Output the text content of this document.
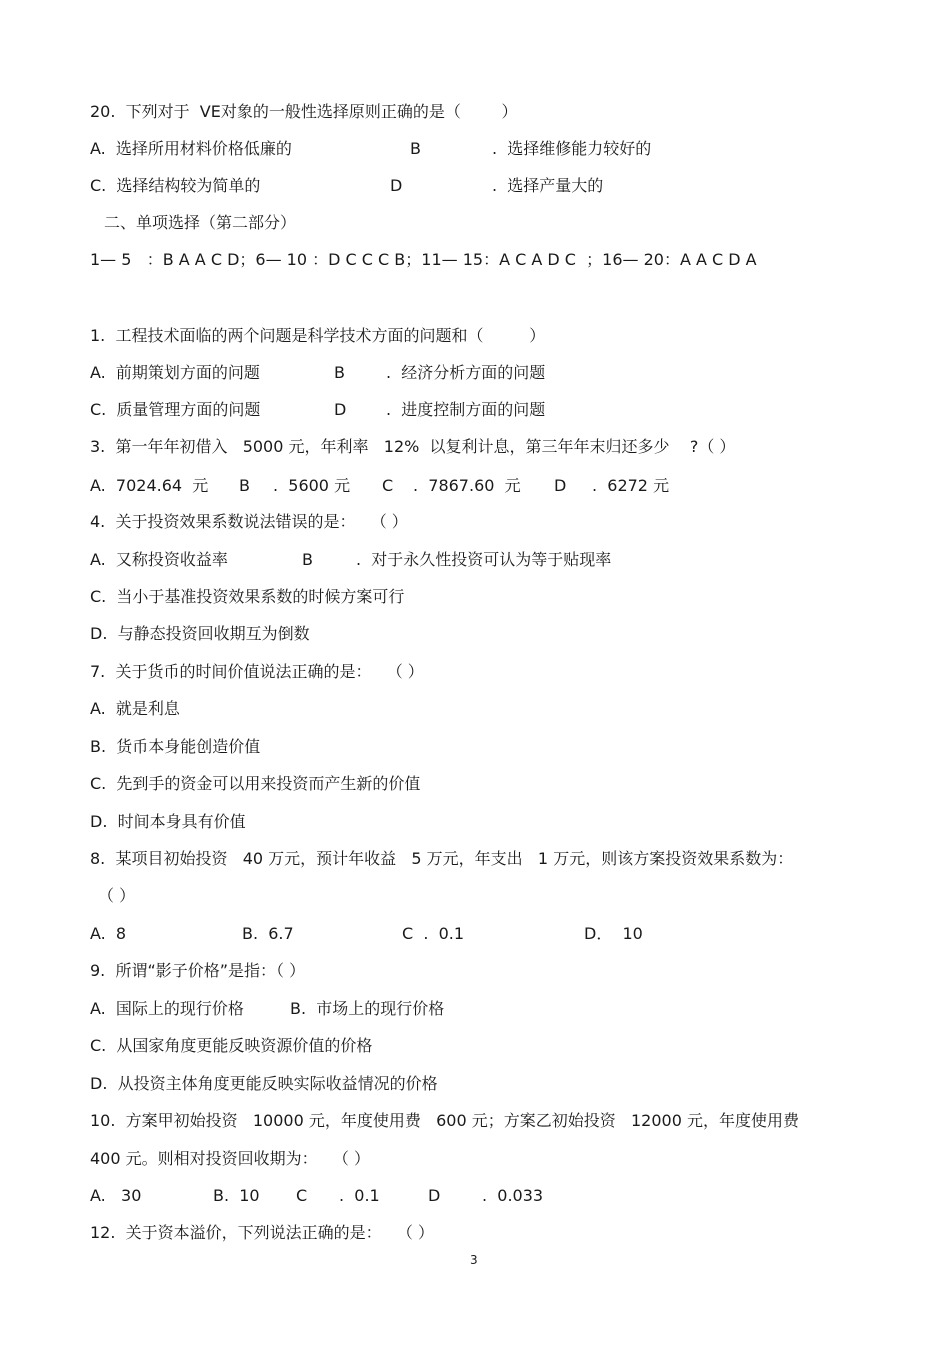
20.  下列对于  VE对象的一般性选择原则正确的是（        ）
A.  选择所用材料价格低廉的	B	.  选择维修能力较好的
C.  选择结构较为简单的	D	.  选择产量大的
二、单项选择（第二部分）
1— 5   ：B A A C D；6— 10 ：D C C C B；11— 15：A C A D C  ；16— 20：A A C D A
1.  工程技术面临的两个问题是科学技术方面的问题和（         ）
A.  前期策划方面的问题	B	.  经济分析方面的问题
C.  质量管理方面的问题	D .  进度控制方面的问题
3.  第一年年初借入   5000 元，年利率   12%  以复利计息，第三年年末归还多少    ?（ ）
A.  7024.64  元 B .  5600 元 C .  7867.60  元 D .  6272 元
4.  关于投资效果系数说法错误的是：   （ ）
A.  又称投资收益率	B	.  对于永久性投资可认为等于贴现率
C.  当小于基准投资效果系数的时候方案可行
D.  与静态投资回收期互为倒数
7.  关于货币的时间价值说法正确的是：   （ ）
A.  就是利息
B.  货币本身能创造价值
C.  先到手的资金可以用来投资而产生新的价值
D.  时间本身具有价值
8.  某项目初始投资   40 万元，预计年收益   5 万元，年支出   1 万元，则该方案投资效果系数为：
（ ）
A.  8	B.  6.7	C  .  0.1	D．  10
9.  所谓“影子价格”是指：（ ）
A.  国际上的现行价格	B.  市场上的现行价格
C.  从国家角度更能反映资源价值的价格
D.  从投资主体角度更能反映实际收益情况的价格
10.  方案甲初始投资   10000 元，年度使用费   600 元；方案乙初始投资   12000 元，年度使用费
400 元。则相对投资回收期为：   （ ）
A.   30	B.  10 C .  0.1	D	.  0.033
12.  关于资本溢价，下列说法正确的是：   （ ）
3
